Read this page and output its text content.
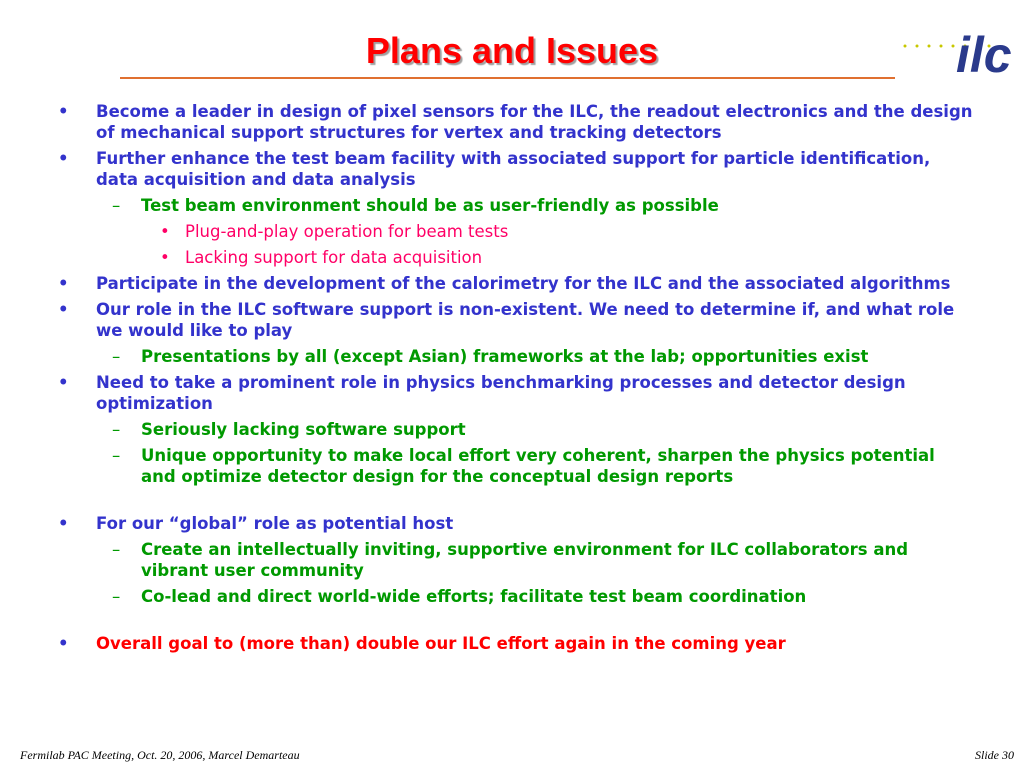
Plans and Issues	ilc
• Become a leader in design of pixel sensors for the ILC, the readout electronics and the design of mechanical support structures for vertex and tracking detectors
• Further enhance the test beam facility with associated support for particle identification, data acquisition and data analysis
– Test beam environment should be as user-friendly as possible
• Plug-and-play operation for beam tests
• Lacking support for data acquisition
• Participate in the development of the calorimetry for the ILC and the associated algorithms
• Our role in the ILC software support is non-existent. We need to determine if, and what role we would like to play
– Presentations by all (except Asian) frameworks at the lab; opportunities exist
• Need to take a prominent role in physics benchmarking processes and detector design optimization
– Seriously lacking software support
– Unique opportunity to make local effort very coherent, sharpen the physics potential and optimize detector design for the conceptual design reports
• For our “global” role as potential host
– Create an intellectually inviting, supportive environment for ILC collaborators and vibrant user community
– Co-lead and direct world-wide efforts; facilitate test beam coordination
• Overall goal to (more than) double our ILC effort again in the coming year
Fermilab PAC Meeting, Oct. 20, 2006, Marcel Demarteau	Slide 30
